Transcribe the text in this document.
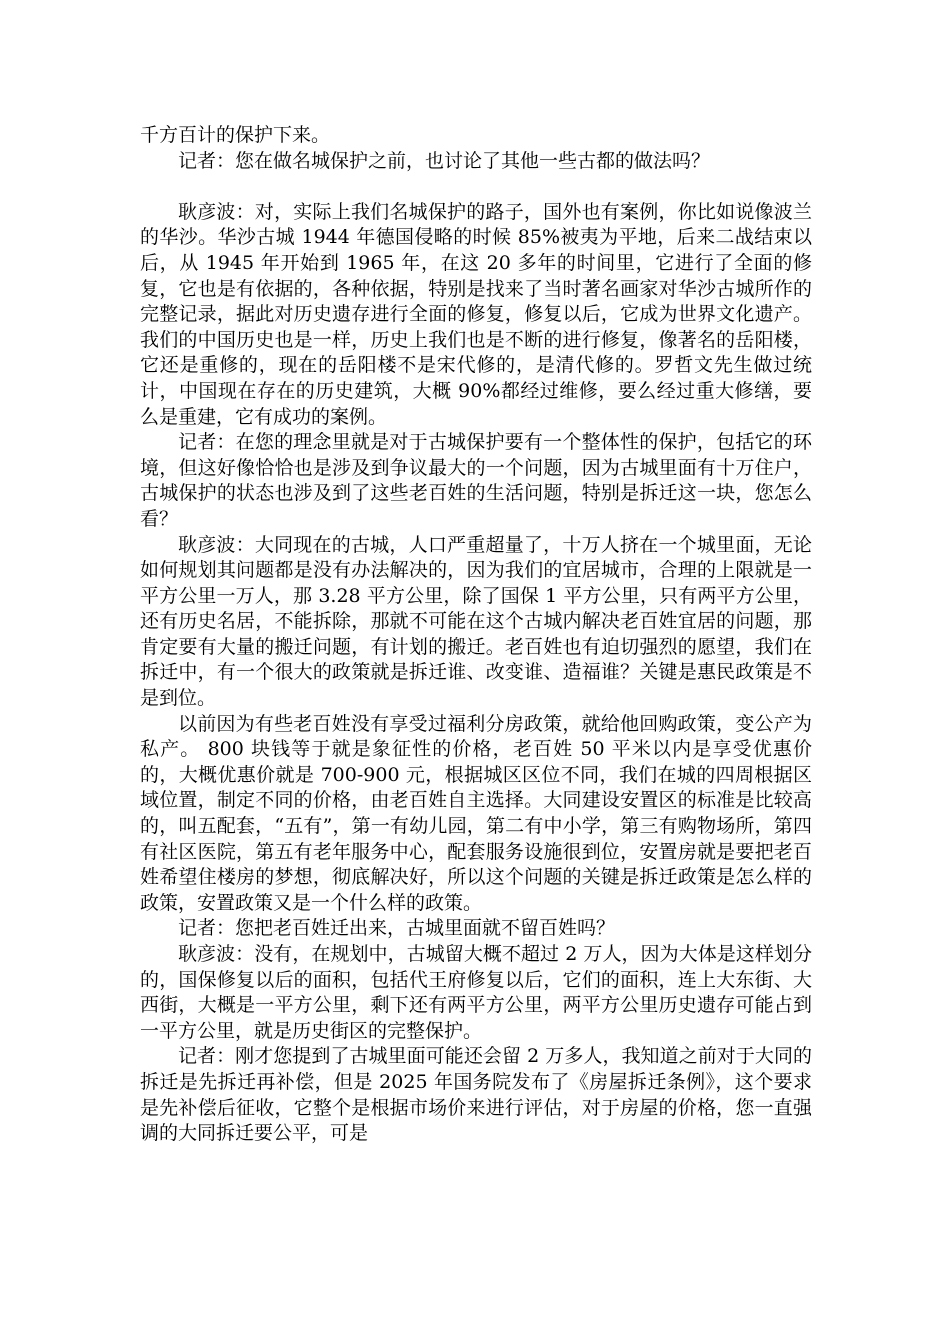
千方百计的保护下来。

记者：您在做名城保护之前，也讨论了其他一些古都的做法吗？

耿彦波：对，实际上我们名城保护的路子，国外也有案例，你比如说像波兰的华沙。华沙古城 1944 年德国侵略的时候 85%被夷为平地，后来二战结束以后，从 1945 年开始到 1965 年，在这 20 多年的时间里，它进行了全面的修复，它也是有依据的，各种依据，特别是找来了当时著名画家对华沙古城所作的完整记录，据此对历史遗存进行全面的修复，修复以后，它成为世界文化遗产。我们的中国历史也是一样，历史上我们也是不断的进行修复，像著名的岳阳楼，它还是重修的，现在的岳阳楼不是宋代修的，是清代修的。罗哲文先生做过统计，中国现在存在的历史建筑，大概 90%都经过维修，要么经过重大修缮，要么是重建，它有成功的案例。

记者：在您的理念里就是对于古城保护要有一个整体性的保护，包括它的环境，但这好像恰恰也是涉及到争议最大的一个问题，因为古城里面有十万住户，古城保护的状态也涉及到了这些老百姓的生活问题，特别是拆迁这一块，您怎么看？

耿彦波：大同现在的古城，人口严重超量了，十万人挤在一个城里面，无论如何规划其问题都是没有办法解决的，因为我们的宜居城市，合理的上限就是一平方公里一万人，那 3.28 平方公里，除了国保 1 平方公里，只有两平方公里，还有历史名居，不能拆除，那就不可能在这个古城内解决老百姓宜居的问题，那肯定要有大量的搬迁问题，有计划的搬迁。老百姓也有迫切强烈的愿望，我们在拆迁中，有一个很大的政策就是拆迁谁、改变谁、造福谁？关键是惠民政策是不是到位。

以前因为有些老百姓没有享受过福利分房政策，就给他回购政策，变公产为私产。 800 块钱等于就是象征性的价格，老百姓 50 平米以内是享受优惠价的，大概优惠价就是 700-900 元，根据城区区位不同，我们在城的四周根据区域位置，制定不同的价格，由老百姓自主选择。大同建设安置区的标准是比较高的，叫五配套，“五有”，第一有幼儿园，第二有中小学，第三有购物场所，第四有社区医院，第五有老年服务中心，配套服务设施很到位，安置房就是要把老百姓希望住楼房的梦想，彻底解决好，所以这个问题的关键是拆迁政策是怎么样的政策，安置政策又是一个什么样的政策。

记者：您把老百姓迁出来，古城里面就不留百姓吗？

耿彦波：没有，在规划中，古城留大概不超过 2 万人，因为大体是这样划分的，国保修复以后的面积，包括代王府修复以后，它们的面积，连上大东街、大西街，大概是一平方公里，剩下还有两平方公里，两平方公里历史遗存可能占到一平方公里，就是历史街区的完整保护。

记者：刚才您提到了古城里面可能还会留 2 万多人，我知道之前对于大同的拆迁是先拆迁再补偿，但是 2025 年国务院发布了《房屋拆迁条例》，这个要求是先补偿后征收，它整个是根据市场价来进行评估，对于房屋的价格，您一直强调的大同拆迁要公平，可是
